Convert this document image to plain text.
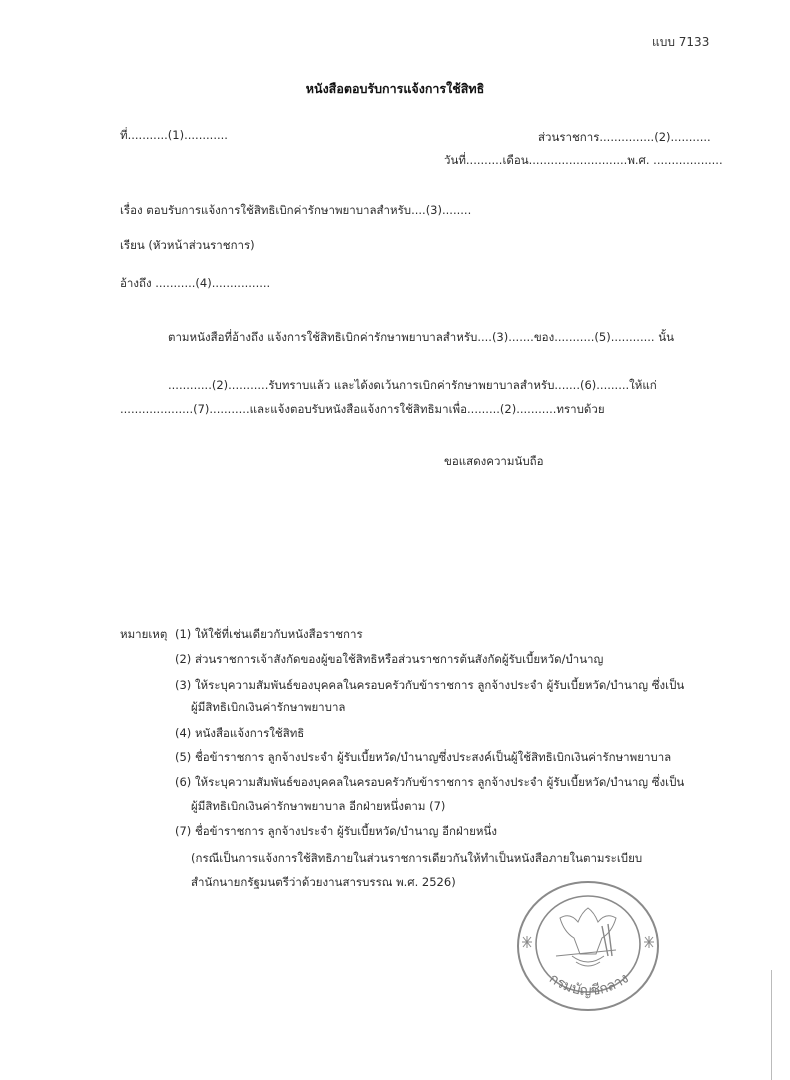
แบบ 7133
หนังสือตอบรับการแจ้งการใช้สิทธิ
ที่...........(1)............	ส่วนราชการ...............(2)...........
วันที่..........เดือน...........................พ.ศ. ...................
เรื่อง ตอบรับการแจ้งการใช้สิทธิเบิกค่ารักษาพยาบาลสำหรับ....(3)........
เรียน (หัวหน้าส่วนราชการ)
อ้างถึง ...........(4)................
ตามหนังสือที่อ้างถึง แจ้งการใช้สิทธิเบิกค่ารักษาพยาบาลสำหรับ....(3).......ของ...........(5)............ นั้น
............(2)...........รับทราบแล้ว และได้งดเว้นการเบิกค่ารักษาพยาบาลสำหรับ.......(6).........ให้แก่
....................(7)...........และแจ้งตอบรับหนังสือแจ้งการใช้สิทธิมาเพื่อ.........(2)...........ทราบด้วย
ขอแสดงความนับถือ
หมายเหตุ (1) ให้ใช้ที่เช่นเดียวกับหนังสือราชการ
(2) ส่วนราชการเจ้าสังกัดของผู้ขอใช้สิทธิหรือส่วนราชการต้นสังกัดผู้รับเบี้ยหวัด/บำนาญ
(3) ให้ระบุความสัมพันธ์ของบุคคลในครอบครัวกับข้าราชการ ลูกจ้างประจำ ผู้รับเบี้ยหวัด/บำนาญ ซึ่งเป็น
ผู้มีสิทธิเบิกเงินค่ารักษาพยาบาล
(4) หนังสือแจ้งการใช้สิทธิ
(5) ชื่อข้าราชการ ลูกจ้างประจำ ผู้รับเบี้ยหวัด/บำนาญซึ่งประสงค์เป็นผู้ใช้สิทธิเบิกเงินค่ารักษาพยาบาล
(6) ให้ระบุความสัมพันธ์ของบุคคลในครอบครัวกับข้าราชการ ลูกจ้างประจำ ผู้รับเบี้ยหวัด/บำนาญ ซึ่งเป็น
ผู้มีสิทธิเบิกเงินค่ารักษาพยาบาล อีกฝ่ายหนึ่งตาม (7)
(7) ชื่อข้าราชการ ลูกจ้างประจำ ผู้รับเบี้ยหวัด/บำนาญ อีกฝ่ายหนึ่ง
(กรณีเป็นการแจ้งการใช้สิทธิภายในส่วนราชการเดียวกันให้ทำเป็นหนังสือภายในตามระเบียบ
สำนักนายกรัฐมนตรีว่าด้วยงานสารบรรณ พ.ศ. 2526)
กรมบัญชีกลาง
